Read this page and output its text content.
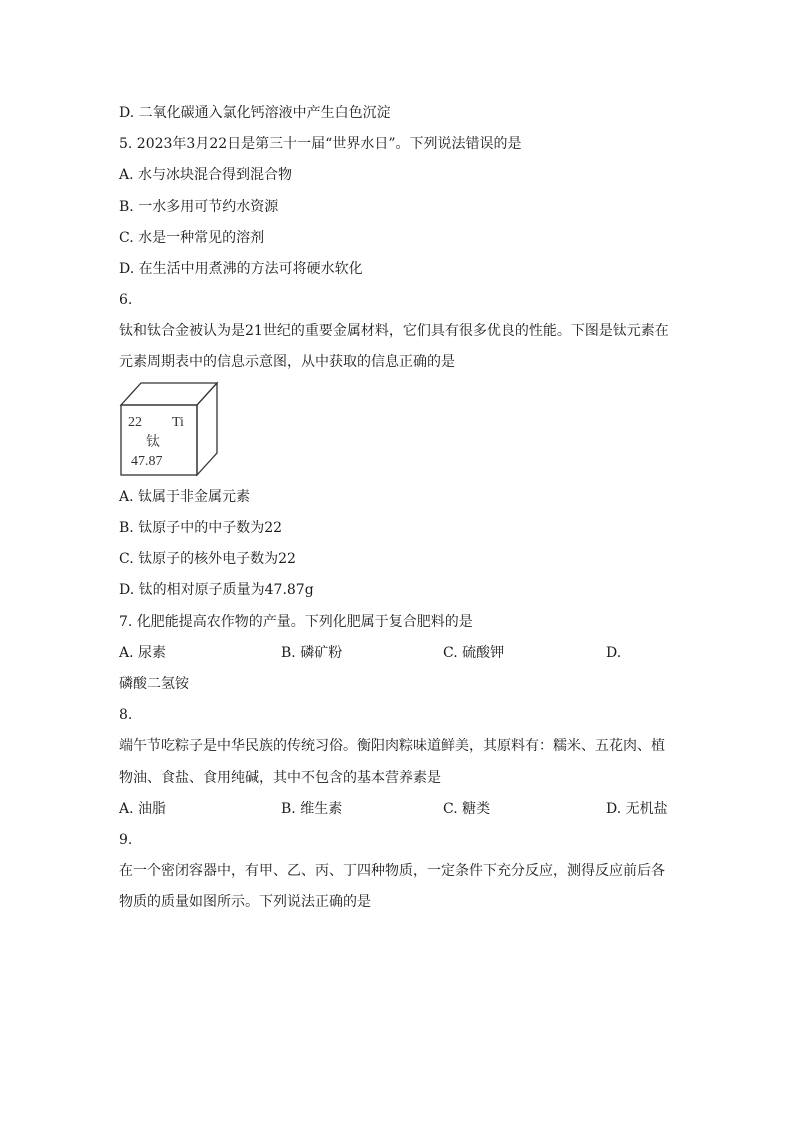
D. 二氧化碳通入氯化钙溶液中产生白色沉淀
5. 2023年3月22日是第三十一届“世界水日”。下列说法错误的是
A. 水与冰块混合得到混合物
B. 一水多用可节约水资源
C. 水是一种常见的溶剂
D. 在生活中用煮沸的方法可将硬水软化
6.
钛和钛合金被认为是21世纪的重要金属材料，它们具有很多优良的性能。下图是钛元素在
元素周期表中的信息示意图，从中获取的信息正确的是
22 Ti
钛
47.87
A. 钛属于非金属元素
B. 钛原子中的中子数为22
C. 钛原子的核外电子数为22
D. 钛的相对原子质量为47.87g
7. 化肥能提高农作物的产量。下列化肥属于复合肥料的是
A. 尿素	B. 磷矿粉	C. 硫酸钾	D.
磷酸二氢铵
8.
端午节吃粽子是中华民族的传统习俗。衡阳肉粽味道鲜美，其原料有：糯米、五花肉、植
物油、食盐、食用纯碱，其中不包含的基本营养素是
A. 油脂	B. 维生素	C. 糖类	D. 无机盐
9.
在一个密闭容器中，有甲、乙、丙、丁四种物质，一定条件下充分反应，测得反应前后各
物质的质量如图所示。下列说法正确的是
